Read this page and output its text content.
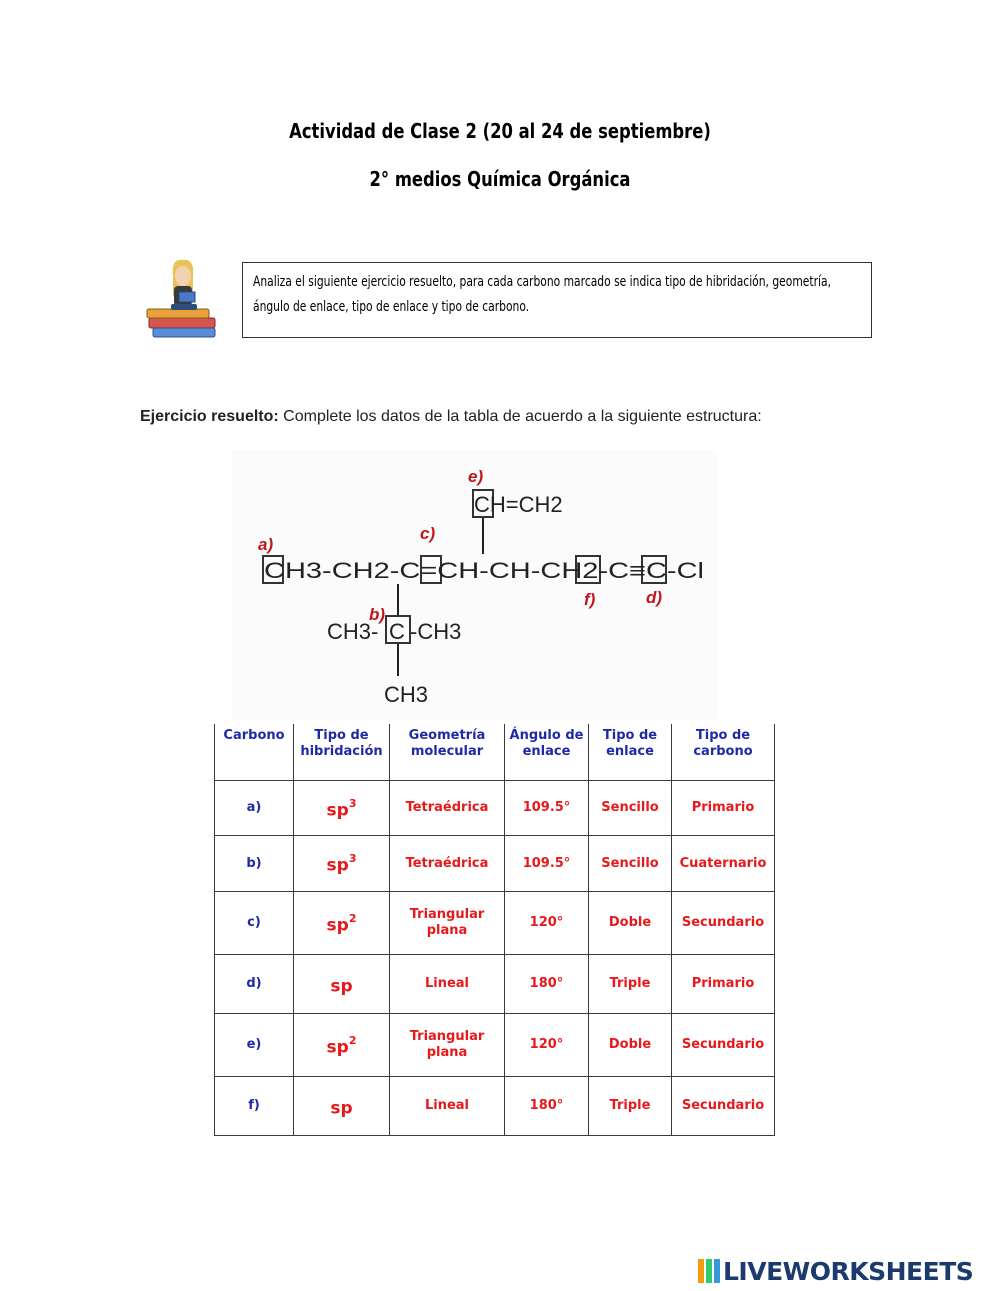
Actividad de Clase 2 (20 al 24 de septiembre)
2° medios Química Orgánica

Analiza el siguiente ejercicio resuelto, para cada carbono marcado se indica tipo de hibridación, geometría, ángulo de enlace, tipo de enlace y tipo de carbono.

Ejercicio resuelto: Complete los datos de la tabla de acuerdo a la siguiente estructura:
a)
b)
c)
d)
e)
f)
CH=CH2
CH3-CH2-C=CH-CH-CH2-C≡C-Cl
CH3- C -CH3
CH3
Carbono	Tipo de hibridación	Geometría molecular	Ángulo de enlace	Tipo de enlace	Tipo de carbono
a)	$sp^3$	Tetraédrica	109.5°	Sencillo	Primario
b)	$sp^3$	Tetraédrica	109.5°	Sencillo	Cuaternario
c)	$sp^2$	Triangular plana	120°	Doble	Secundario
d)	sp	Lineal	180°	Triple	Primario
e)	$sp^2$	Triangular plana	120°	Doble	Secundario
f)	sp	Lineal	180°	Triple	Secundario
LIVEWORKSHEETS
